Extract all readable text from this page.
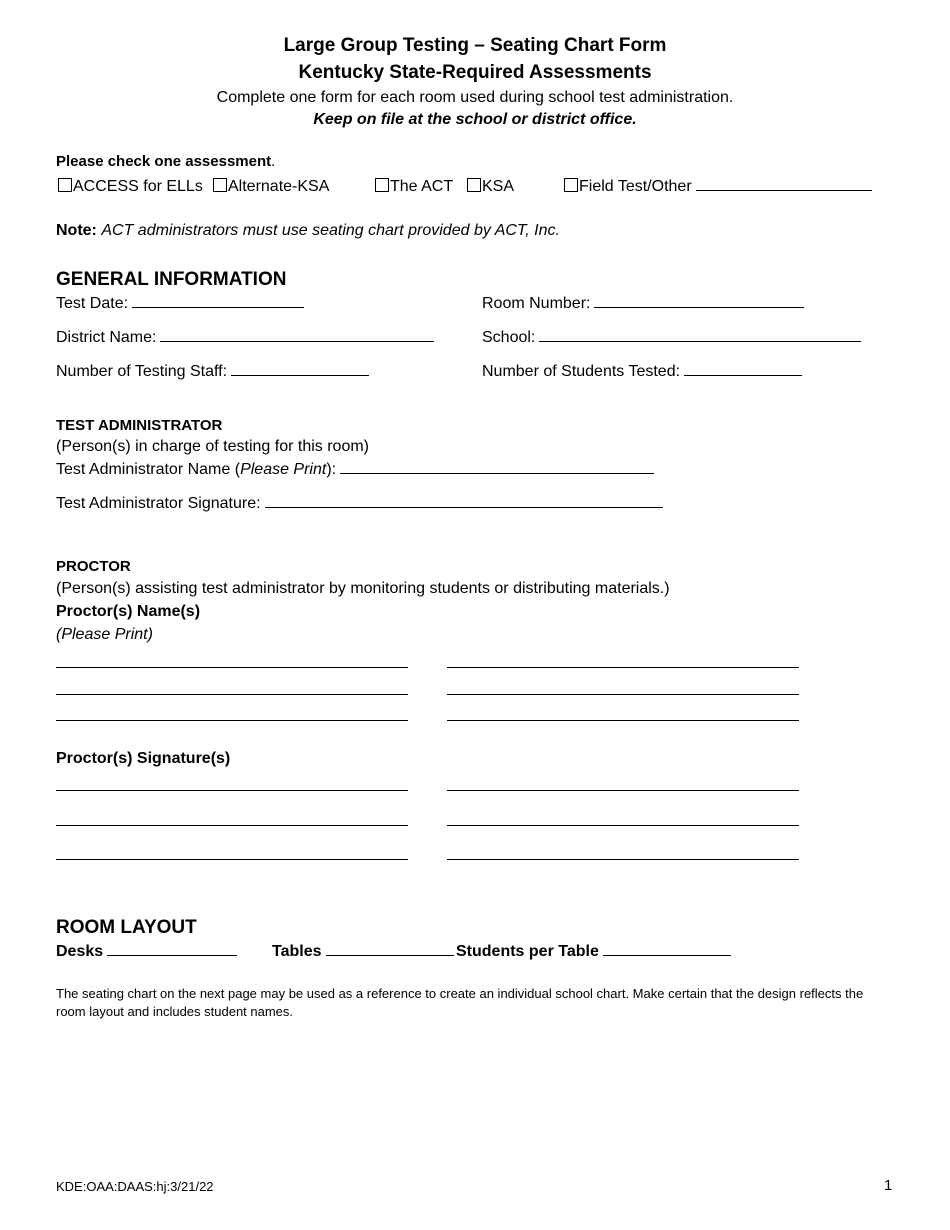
Large Group Testing – Seating Chart Form
Kentucky State-Required Assessments
Complete one form for each room used during school test administration.
Keep on file at the school or district office.
Please check one assessment.
ACCESS for ELLs	Alternate-KSA	The ACT	KSA	Field Test/Other
Note: ACT administrators must use seating chart provided by ACT, Inc.
GENERAL INFORMATION
Test Date:	Room Number:
District Name:	School:
Number of Testing Staff:	Number of Students Tested:
TEST ADMINISTRATOR
(Person(s) in charge of testing for this room)
Test Administrator Name (Please Print):
Test Administrator Signature:
PROCTOR
(Person(s) assisting test administrator by monitoring students or distributing materials.)
Proctor(s) Name(s)
(Please Print)
Proctor(s) Signature(s)
ROOM LAYOUT
Desks	Tables	Students per Table
The seating chart on the next page may be used as a reference to create an individual school chart. Make certain that the design reflects the room layout and includes student names.
KDE:OAA:DAAS:hj:3/21/22	1
